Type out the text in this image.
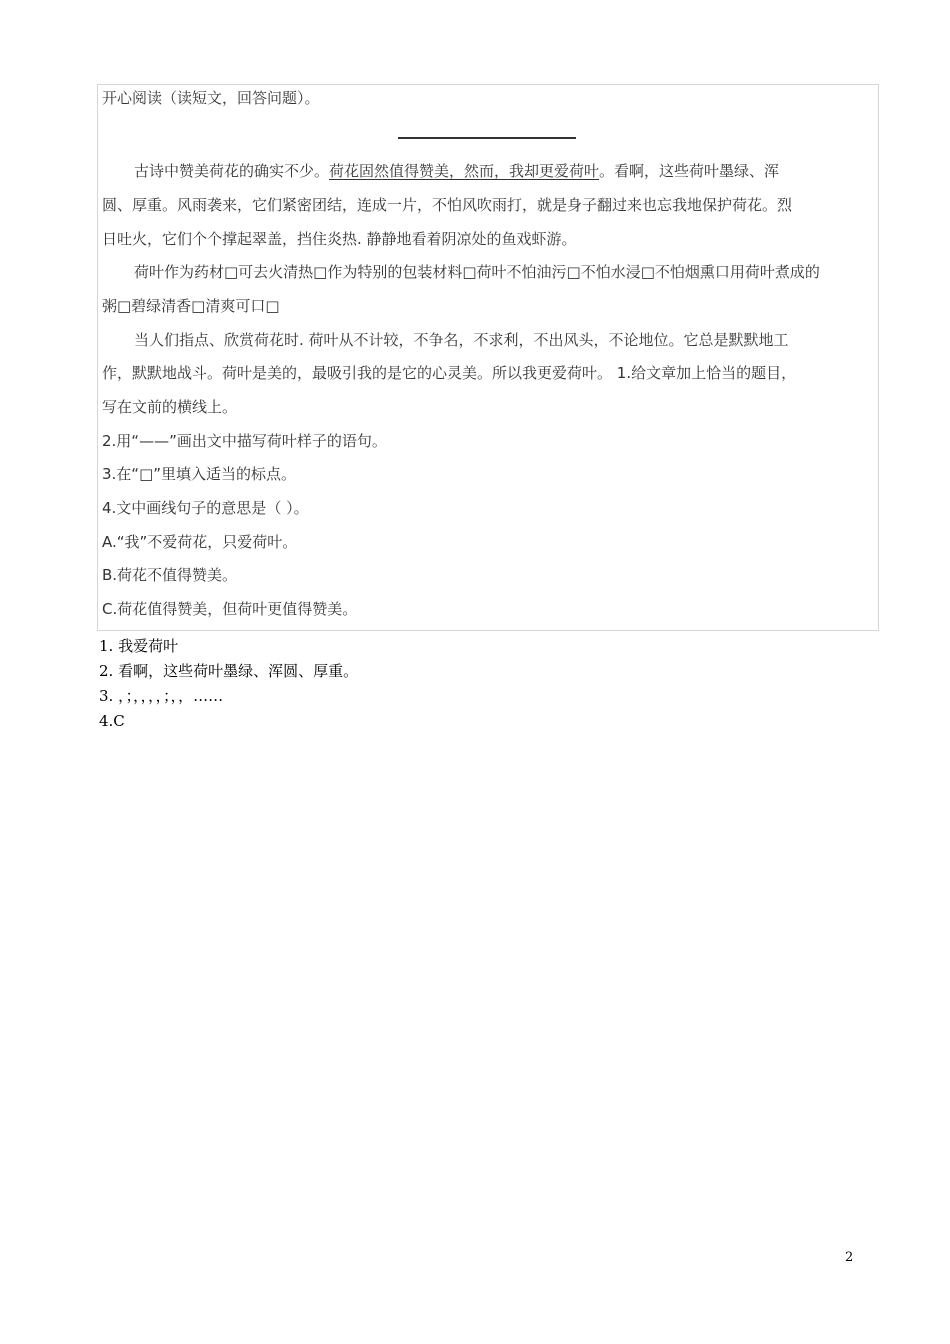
开心阅读（读短文，回答问题）。
古诗中赞美荷花的确实不少。荷花固然值得赞美，然而，我却更爱荷叶。看啊，这些荷叶墨绿、浑
圆、厚重。风雨袭来，它们紧密团结，连成一片，不怕风吹雨打，就是身子翻过来也忘我地保护荷花。烈
日吐火，它们个个撑起翠盖，挡住炎热. 静静地看着阴凉处的鱼戏虾游。
荷叶作为药材□可去火清热□作为特别的包装材料□荷叶不怕油污□不怕水浸□不怕烟熏口用荷叶煮成的
粥□碧绿清香□清爽可口□
当人们指点、欣赏荷花时. 荷叶从不计较，不争名，不求利，不出风头，不论地位。它总是默默地工
作，默默地战斗。荷叶是美的，最吸引我的是它的心灵美。所以我更爱荷叶。 1.给文章加上恰当的题目，
写在文前的横线上。
2.用“——”画出文中描写荷叶样子的语句。
3.在“□”里填入适当的标点。
4.文中画线句子的意思是（ ）。
A.“我”不爱荷花，只爱荷叶。
B.荷花不值得赞美。
C.荷花值得赞美，但荷叶更值得赞美。
1. 我爱荷叶
2. 看啊，这些荷叶墨绿、浑圆、厚重。
3. ，；，，，，；，，……
4.C
2
